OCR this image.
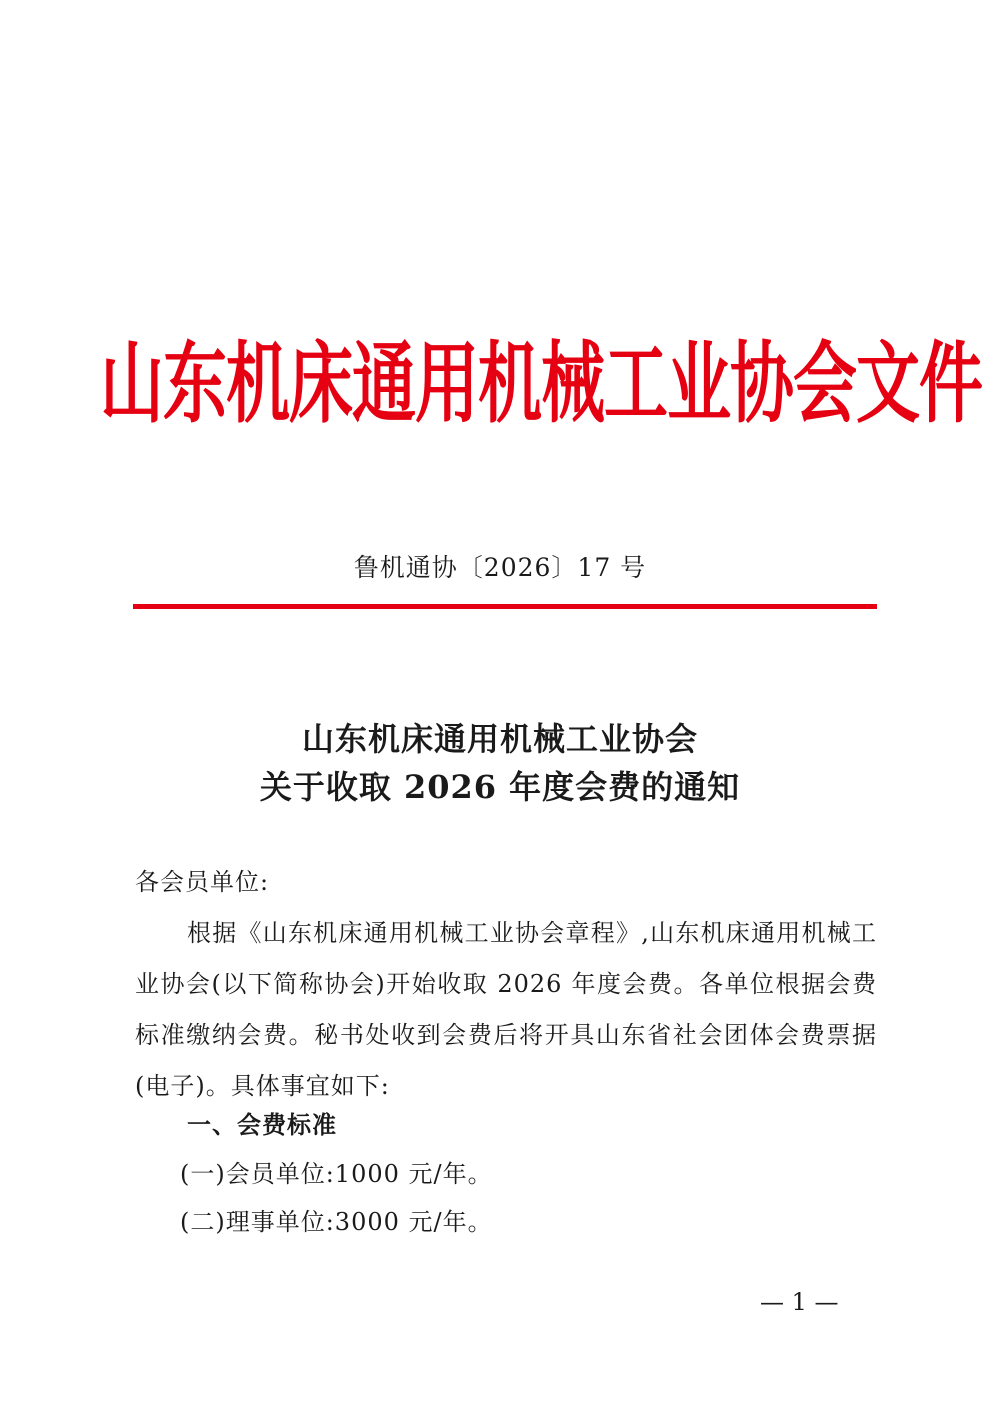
山东机床通用机械工业协会文件
鲁机通协〔2026〕17 号
山东机床通用机械工业协会
关于收取 2026 年度会费的通知
各会员单位:
根据《山东机床通用机械工业协会章程》,山东机床通用机械工业协会(以下简称协会)开始收取 2026 年度会费。各单位根据会费标准缴纳会费。秘书处收到会费后将开具山东省社会团体会费票据(电子)。具体事宜如下:
一、会费标准
(一)会员单位:1000 元/年。
(二)理事单位:3000 元/年。
— 1 —
